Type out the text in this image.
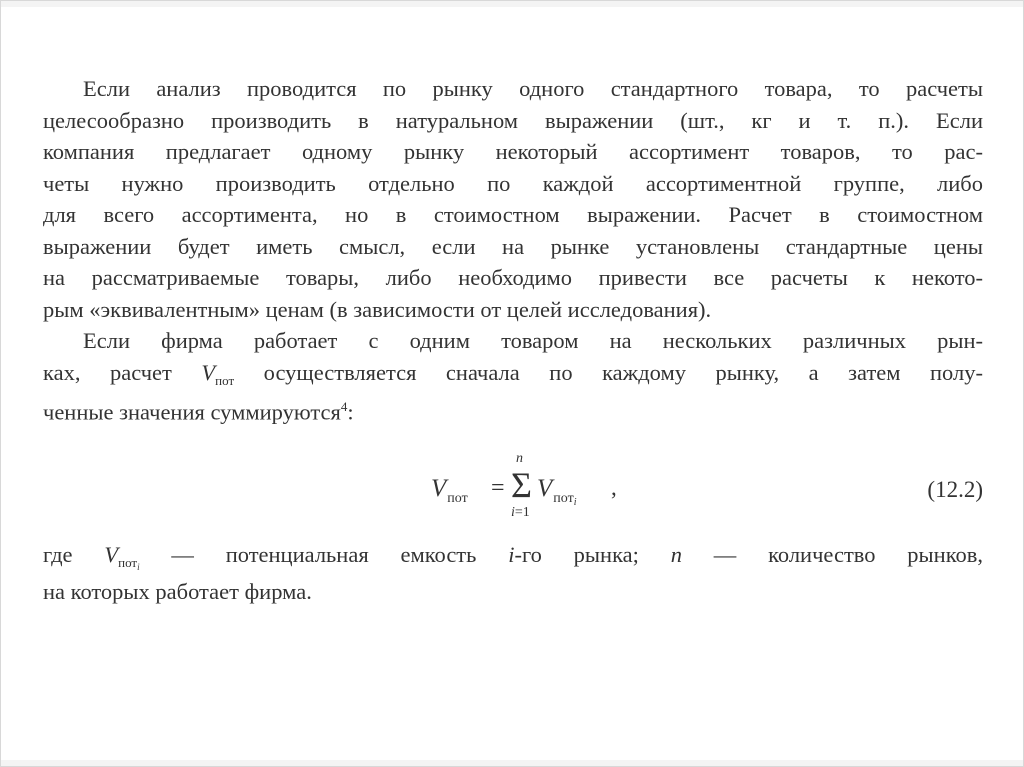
Если анализ проводится по рынку одного стандартного товара, то расчеты
целесообразно производить в натуральном выражении (шт., кг и т. п.). Если
компания предлагает одному рынку некоторый ассортимент товаров, то рас-
четы нужно производить отдельно по каждой ассортиментной группе, либо
для всего ассортимента, но в стоимостном выражении. Расчет в стоимостном
выражении будет иметь смысл, если на рынке установлены стандартные цены
на рассматриваемые товары, либо необходимо привести все расчеты к некото-
рым «эквивалентным» ценам (в зависимости от целей исследования).
Если фирма работает с одним товаром на нескольких различных рын-
ках, расчет $V_{пот}$ осуществляется сначала по каждому рынку, а затем полу-
ченные значения суммируются$^4$:
$V_{пот}$ =
n
Σ
i=1
$V_{пот_i}$
,	(12.2)
где $V_{пот_i}$ — потенциальная емкость i-го рынка; n — количество рынков,
на которых работает фирма.
